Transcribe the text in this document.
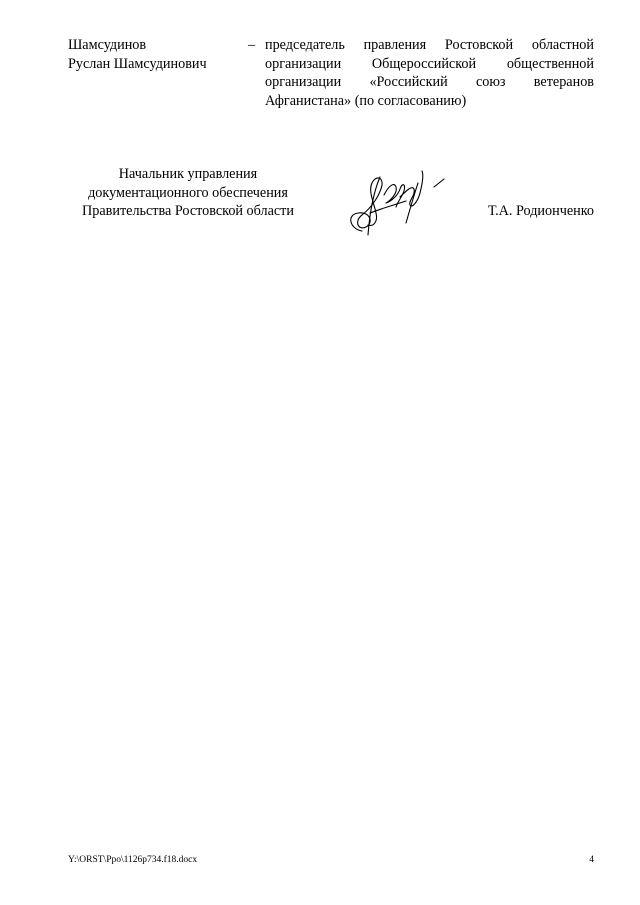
Шамсудинов
Руслан Шамсудинович
– председатель правления Ростовской областной
организации Общероссийской общественной
организации «Российский союз ветеранов
Афганистана» (по согласованию)
Начальник управления
документационного обеспечения
Правительства Ростовской области	Т.А. Родионченко
Y:\ORST\Ppo\1126p734.f18.docx	4
